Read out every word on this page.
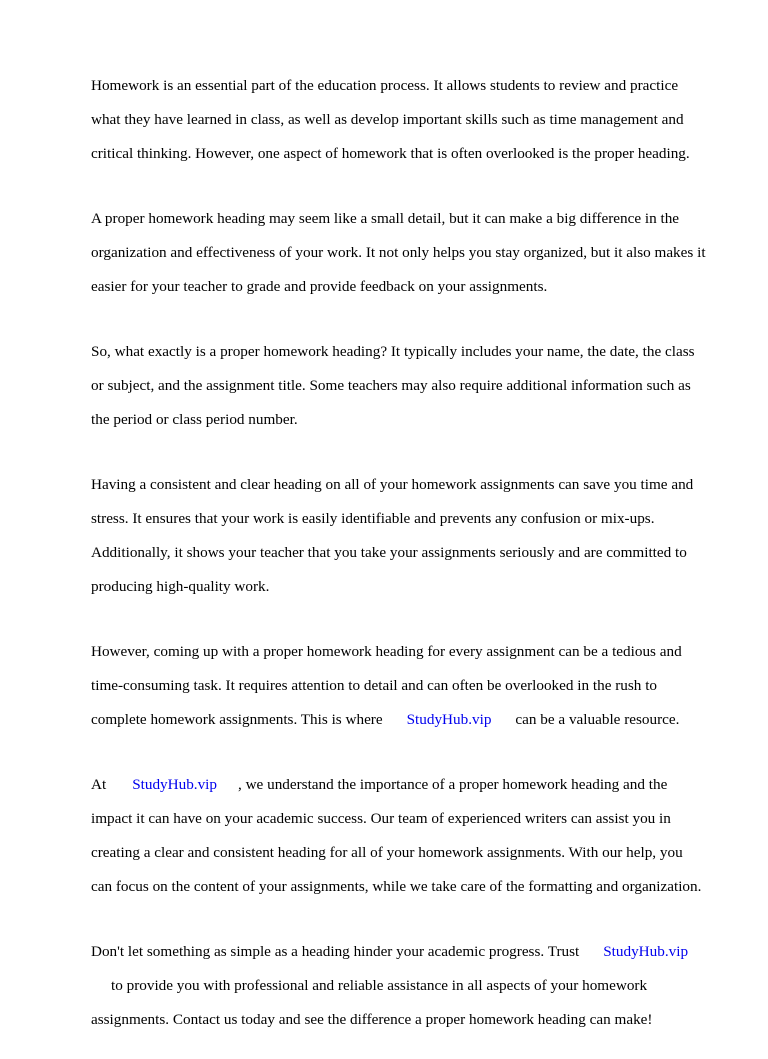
Homework is an essential part of the education process. It allows students to review and practice

what they have learned in class, as well as develop important skills such as time management and

critical thinking. However, one aspect of homework that is often overlooked is the proper heading.

A proper homework heading may seem like a small detail, but it can make a big difference in the

organization and effectiveness of your work. It not only helps you stay organized, but it also makes it

easier for your teacher to grade and provide feedback on your assignments.

So, what exactly is a proper homework heading? It typically includes your name, the date, the class

or subject, and the assignment title. Some teachers may also require additional information such as

the period or class period number.

Having a consistent and clear heading on all of your homework assignments can save you time and

stress. It ensures that your work is easily identifiable and prevents any confusion or mix-ups.

Additionally, it shows your teacher that you take your assignments seriously and are committed to

producing high-quality work.

However, coming up with a proper homework heading for every assignment can be a tedious and

time-consuming task. It requires attention to detail and can often be overlooked in the rush to

complete homework assignments. This is where StudyHub.vip can be a valuable resource.

At StudyHub.vip , we understand the importance of a proper homework heading and the

impact it can have on your academic success. Our team of experienced writers can assist you in

creating a clear and consistent heading for all of your homework assignments. With our help, you

can focus on the content of your assignments, while we take care of the formatting and organization.

Don't let something as simple as a heading hinder your academic progress. Trust StudyHub.vip

to provide you with professional and reliable assistance in all aspects of your homework

assignments. Contact us today and see the difference a proper homework heading can make!
